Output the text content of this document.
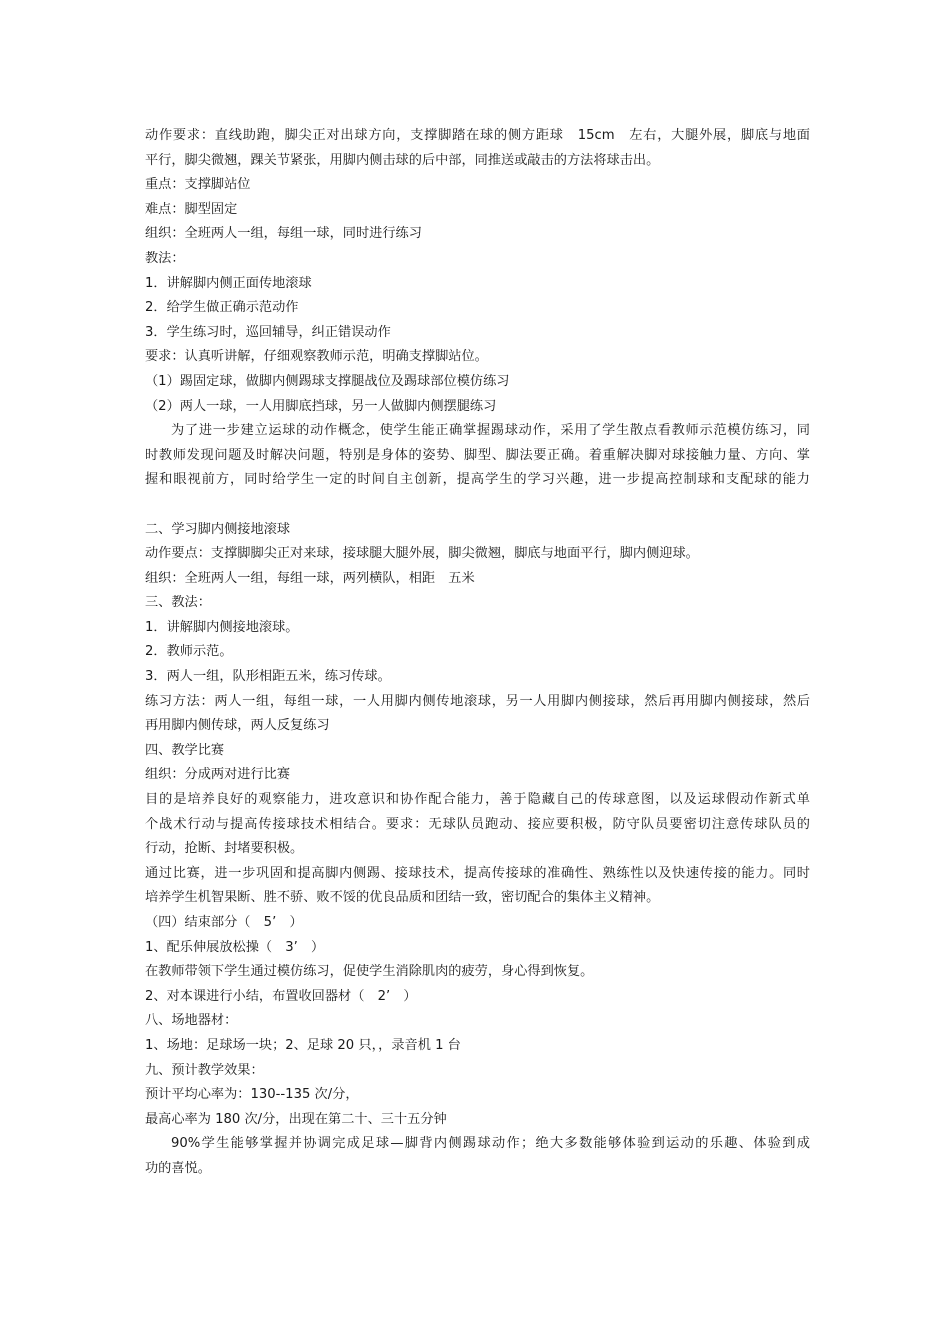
动作要求：直线助跑，脚尖正对出球方向，支撑脚踏在球的侧方距球　15cm　左右，大腿外展，脚底与地面
平行，脚尖微翘，踝关节紧张，用脚内侧击球的后中部，同推送或敲击的方法将球击出。
重点：支撑脚站位
难点：脚型固定
组织：全班两人一组，每组一球，同时进行练习
教法：
1．讲解脚内侧正面传地滚球
2．给学生做正确示范动作
3．学生练习时，巡回辅导，纠正错误动作
要求：认真听讲解，仔细观察教师示范，明确支撑脚站位。
（1）踢固定球，做脚内侧踢球支撑腿战位及踢球部位模仿练习
（2）两人一球，一人用脚底挡球，另一人做脚内侧摆腿练习
为了进一步建立运球的动作概念，使学生能正确掌握踢球动作，采用了学生散点看教师示范模仿练习，同
时教师发现问题及时解决问题，特别是身体的姿势、脚型、脚法要正确。着重解决脚对球接触力量、方向、掌
握和眼视前方，同时给学生一定的时间自主创新，提高学生的学习兴趣，进一步提高控制球和支配球的能力
二、学习脚内侧接地滚球
动作要点：支撑脚脚尖正对来球，接球腿大腿外展，脚尖微翘，脚底与地面平行，脚内侧迎球。
组织：全班两人一组，每组一球，两列横队，相距　五米
三、教法：
1．讲解脚内侧接地滚球。
2．教师示范。
3．两人一组，队形相距五米，练习传球。
练习方法：两人一组，每组一球，一人用脚内侧传地滚球，另一人用脚内侧接球，然后再用脚内侧接球，然后
再用脚内侧传球，两人反复练习
四、教学比赛
组织：分成两对进行比赛
目的是培养良好的观察能力，进攻意识和协作配合能力，善于隐藏自己的传球意图，以及运球假动作新式单
个战术行动与提高传接球技术相结合。要求：无球队员跑动、接应要积极，防守队员要密切注意传球队员的
行动，抢断、封堵要积极。
通过比赛，进一步巩固和提高脚内侧踢、接球技术，提高传接球的准确性、熟练性以及快速传接的能力。同时
培养学生机智果断、胜不骄、败不馁的优良品质和团结一致，密切配合的集体主义精神。
（四）结束部分（　5’　）
1、配乐伸展放松操（　3’　）
在教师带领下学生通过模仿练习，促使学生消除肌肉的疲劳，身心得到恢复。
2、对本课进行小结，布置收回器材（　2’　）
八、场地器材：
1、场地：足球场一块；2、足球 20 只，，录音机 1 台
九、预计教学效果：
预计平均心率为：130--135 次/分，
最高心率为 180 次/分，出现在第二十、三十五分钟
90%学生能够掌握并协调完成足球—脚背内侧踢球动作；绝大多数能够体验到运动的乐趣、体验到成
功的喜悦。
